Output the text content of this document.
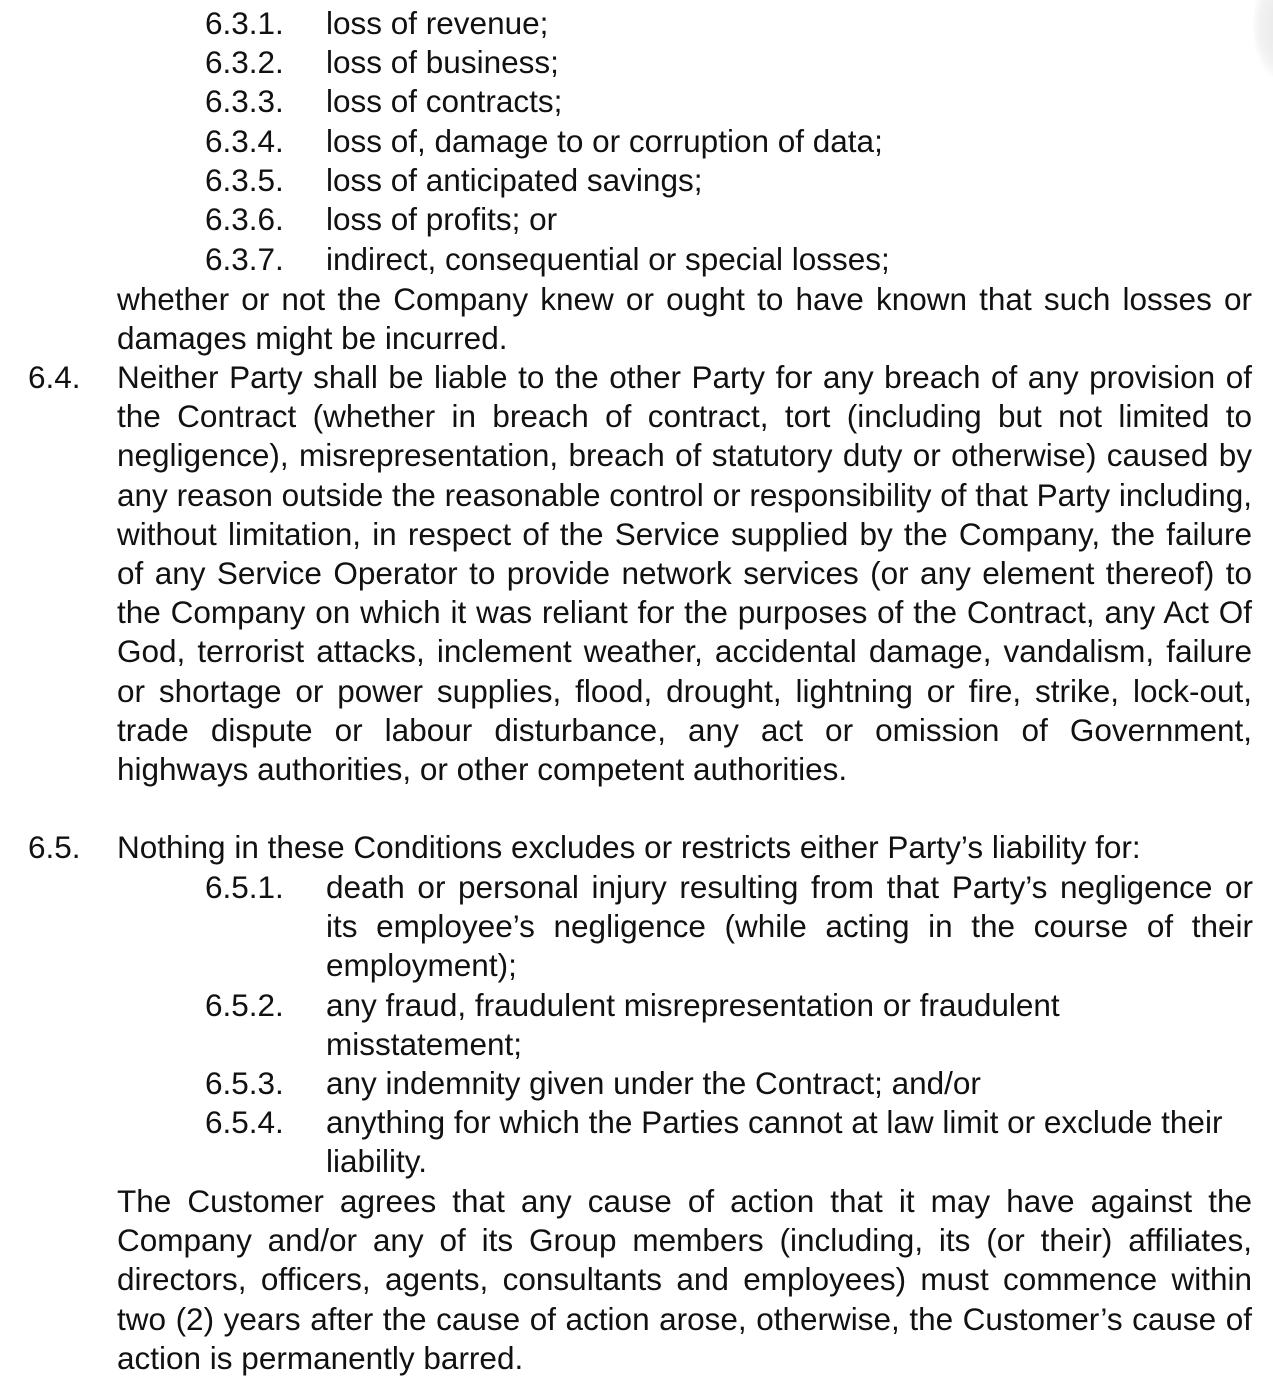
6.3.1. loss of revenue;
6.3.2. loss of business;
6.3.3. loss of contracts;
6.3.4. loss of, damage to or corruption of data;
6.3.5. loss of anticipated savings;
6.3.6. loss of profits; or
6.3.7. indirect, consequential or special losses;
whether or not the Company knew or ought to have known that such losses or damages might be incurred.
6.4. Neither Party shall be liable to the other Party for any breach of any provision of the Contract (whether in breach of contract, tort (including but not limited to negligence), misrepresentation, breach of statutory duty or otherwise) caused by any reason outside the reasonable control or responsibility of that Party including, without limitation, in respect of the Service supplied by the Company, the failure of any Service Operator to provide network services (or any element thereof) to the Company on which it was reliant for the purposes of the Contract, any Act Of God, terrorist attacks, inclement weather, accidental damage, vandalism, failure or shortage or power supplies, flood, drought, lightning or fire, strike, lock-out, trade dispute or labour disturbance, any act or omission of Government, highways authorities, or other competent authorities.
6.5. Nothing in these Conditions excludes or restricts either Party’s liability for:
6.5.1. death or personal injury resulting from that Party’s negligence or its employee’s negligence (while acting in the course of their employment);
6.5.2. any fraud, fraudulent misrepresentation or fraudulent misstatement;
6.5.3. any indemnity given under the Contract; and/or
6.5.4. anything for which the Parties cannot at law limit or exclude their liability.
The Customer agrees that any cause of action that it may have against the Company and/or any of its Group members (including, its (or their) affiliates, directors, officers, agents, consultants and employees) must commence within two (2) years after the cause of action arose, otherwise, the Customer’s cause of action is permanently barred.
